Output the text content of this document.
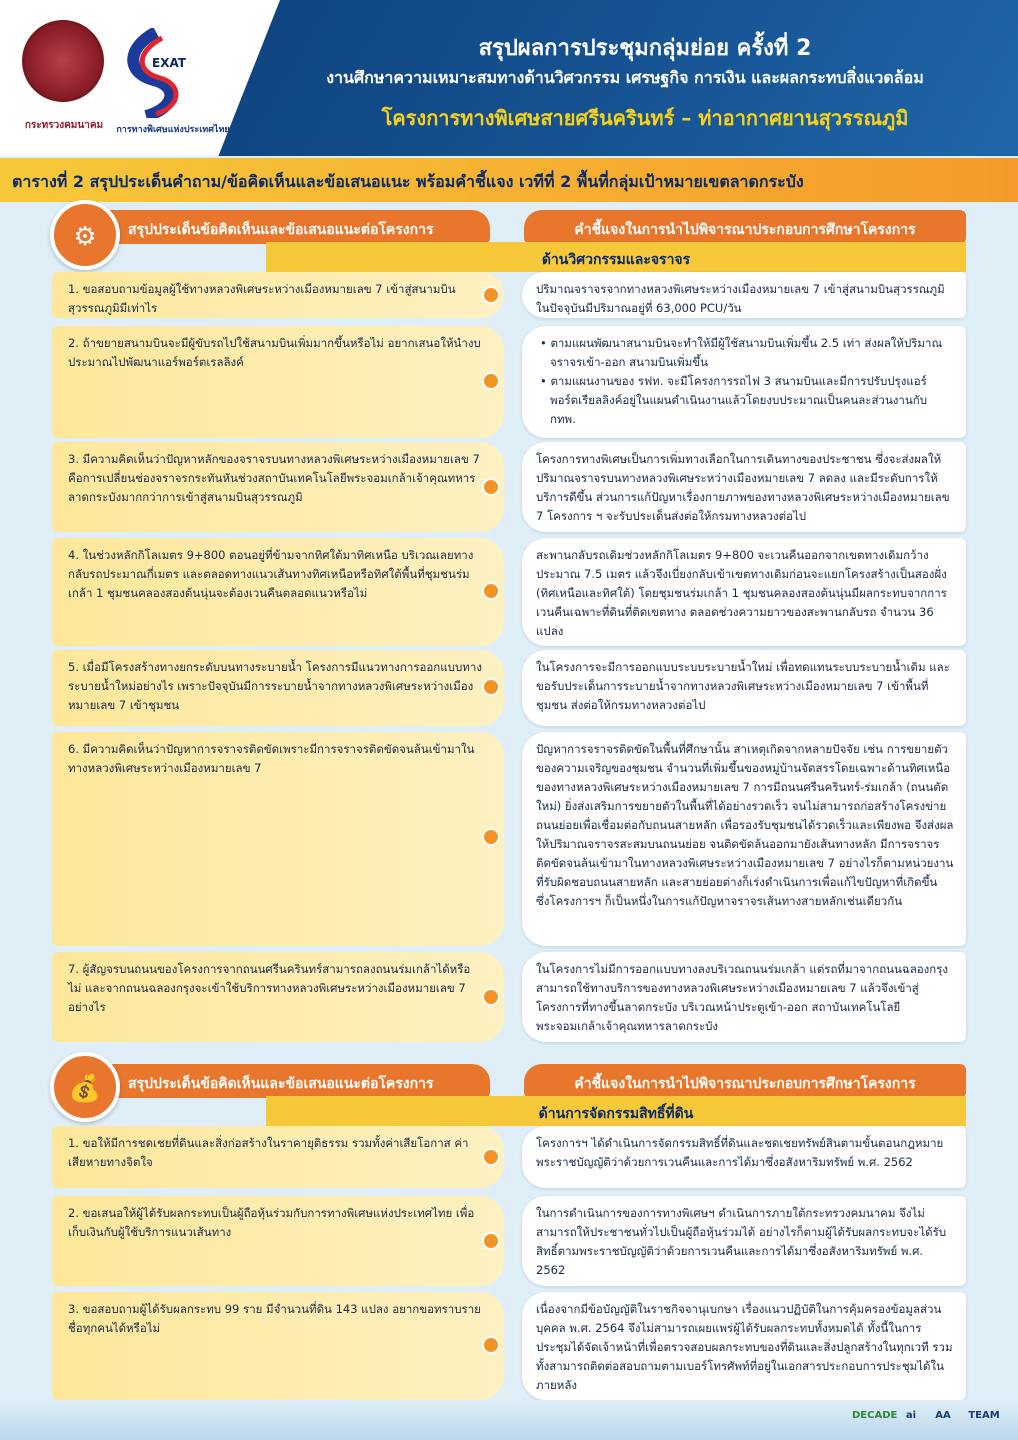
กระทรวงคมนาคม
EXAT
การทางพิเศษแห่งประเทศไทย
สรุปผลการประชุมกลุ่มย่อย ครั้งที่ 2
งานศึกษาความเหมาะสมทางด้านวิศวกรรม เศรษฐกิจ การเงิน และผลกระทบสิ่งแวดล้อม
โครงการทางพิเศษสายศรีนครินทร์ – ท่าอากาศยานสุวรรณภูมิ
ตารางที่ 2 สรุปประเด็นคำถาม/ข้อคิดเห็นและข้อเสนอแนะ พร้อมคำชี้แจง เวทีที่ 2 พื้นที่กลุ่มเป้าหมายเขตลาดกระบัง
สรุปประเด็นข้อคิดเห็นและข้อเสนอแนะต่อโครงการ	คำชี้แจงในการนำไปพิจารณาประกอบการศึกษาโครงการ
⚙
ด้านวิศวกรรมและจราจร
1. ขอสอบถามข้อมูลผู้ใช้ทางหลวงพิเศษระหว่างเมืองหมายเลข 7 เข้าสู่สนามบินสุวรรณภูมิมีเท่าไร
ปริมาณจราจรจากทางหลวงพิเศษระหว่างเมืองหมายเลข 7 เข้าสู่สนามบินสุวรรณภูมิ ในปัจจุบันมีปริมาณอยู่ที่ 63,000 PCU/วัน
2. ถ้าขยายสนามบินจะมีผู้ขับรถไปใช้สนามบินเพิ่มมากขึ้นหรือไม่ อยากเสนอให้นำงบประมาณไปพัฒนาแอร์พอร์ตเรลลิงค์
• ตามแผนพัฒนาสนามบินจะทำให้มีผู้ใช้สนามบินเพิ่มขึ้น 2.5 เท่า ส่งผลให้ปริมาณจราจรเข้า-ออก สนามบินเพิ่มขึ้น
• ตามแผนงานของ รฟท. จะมีโครงการรถไฟ 3 สนามบินและมีการปรับปรุงแอร์พอร์ตเรียลลิงค์อยู่ในแผนดำเนินงานแล้วโดยงบประมาณเป็นคนละส่วนงานกับ กทพ.
3. มีความคิดเห็นว่าปัญหาหลักของจราจรบนทางหลวงพิเศษระหว่างเมืองหมายเลข 7 คือการเปลี่ยนช่องจราจรกระทันหันช่วงสถาบันเทคโนโลยีพระจอมเกล้าเจ้าคุณทหารลาดกระบังมากกว่าการเข้าสู่สนามบินสุวรรณภูมิ
โครงการทางพิเศษเป็นการเพิ่มทางเลือกในการเดินทางของประชาชน ซึ่งจะส่งผลให้ปริมาณจราจรบนทางหลวงพิเศษระหว่างเมืองหมายเลข 7 ลดลง และมีระดับการให้บริการดีขึ้น ส่วนการแก้ปัญหาเรื่องกายภาพของทางหลวงพิเศษระหว่างเมืองหมายเลข 7 โครงการ ฯ จะรับประเด็นส่งต่อให้กรมทางหลวงต่อไป
4. ในช่วงหลักกิโลเมตร 9+800 ตอนอยู่ที่ข้ามจากทิศใต้มาทิศเหนือ บริเวณเลยทางกลับรถประมาณกี่เมตร และตลอดทางแนวเส้นทางทิศเหนือหรือทิศใต้พื้นที่ชุมชนร่มเกล้า 1 ชุมชนคลองสองต้นนุ่นจะต้องเวนคืนตลอดแนวหรือไม่
สะพานกลับรถเดิมช่วงหลักกิโลเมตร 9+800 จะเวนคืนออกจากเขตทางเดิมกว้างประมาณ 7.5 เมตร แล้วจึงเบี่ยงกลับเข้าเขตทางเดิมก่อนจะแยกโครงสร้างเป็นสองฝั่ง (ทิศเหนือและทิศใต้) โดยชุมชนร่มเกล้า 1 ชุมชนคลองสองต้นนุ่นมีผลกระทบจากการเวนคืนเฉพาะที่ดินที่ติดเขตทาง ตลอดช่วงความยาวของสะพานกลับรถ จำนวน 36 แปลง
5. เมื่อมีโครงสร้างทางยกระดับบนทางระบายน้ำ โครงการมีแนวทางการออกแบบทางระบายน้ำใหม่อย่างไร เพราะปัจจุบันมีการระบายน้ำจากทางหลวงพิเศษระหว่างเมืองหมายเลข 7 เข้าชุมชน
ในโครงการจะมีการออกแบบระบบระบายน้ำใหม่ เพื่อทดแทนระบบระบายน้ำเดิม และขอรับประเด็นการระบายน้ำจากทางหลวงพิเศษระหว่างเมืองหมายเลข 7 เข้าพื้นที่ชุมชน ส่งต่อให้กรมทางหลวงต่อไป
6. มีความคิดเห็นว่าปัญหาการจราจรติดขัดเพราะมีการจราจรติดขัดจนล้นเข้ามาในทางหลวงพิเศษระหว่างเมืองหมายเลข 7
ปัญหาการจราจรติดขัดในพื้นที่ศึกษานั้น สาเหตุเกิดจากหลายปัจจัย เช่น การขยายตัวของความเจริญของชุมชน จำนวนที่เพิ่มขึ้นของหมู่บ้านจัดสรรโดยเฉพาะด้านทิศเหนือของทางหลวงพิเศษระหว่างเมืองหมายเลข 7 การมีถนนศรีนครินทร์-ร่มเกล้า (ถนนตัดใหม่) ยิ่งส่งเสริมการขยายตัวในพื้นที่ได้อย่างรวดเร็ว จนไม่สามารถก่อสร้างโครงข่ายถนนย่อยเพื่อเชื่อมต่อกับถนนสายหลัก เพื่อรองรับชุมชนได้รวดเร็วและเพียงพอ จึงส่งผลให้ปริมาณจราจรสะสมบนถนนย่อย จนติดขัดล้นออกมายังเส้นทางหลัก มีการจราจรติดขัดจนล้นเข้ามาในทางหลวงพิเศษระหว่างเมืองหมายเลข 7 อย่างไรก็ตามหน่วยงานที่รับผิดชอบถนนสายหลัก และสายย่อยต่างก็เร่งดำเนินการเพื่อแก้ไขปัญหาที่เกิดขึ้น ซึ่งโครงการฯ ก็เป็นหนึ่งในการแก้ปัญหาจราจรเส้นทางสายหลักเช่นเดียวกัน
7. ผู้สัญจรบนถนนของโครงการจากถนนศรีนครินทร์สามารถลงถนนร่มเกล้าได้หรือไม่ และจากถนนฉลองกรุงจะเข้าใช้บริการทางหลวงพิเศษระหว่างเมืองหมายเลข 7 อย่างไร
ในโครงการไม่มีการออกแบบทางลงบริเวณถนนร่มเกล้า แต่รถที่มาจากถนนฉลองกรุง สามารถใช้ทางบริการของทางหลวงพิเศษระหว่างเมืองหมายเลข 7 แล้วจึงเข้าสู่โครงการที่ทางขึ้นลาดกระบัง บริเวณหน้าประตูเข้า-ออก สถาบันเทคโนโลยีพระจอมเกล้าเจ้าคุณทหารลาดกระบัง
สรุปประเด็นข้อคิดเห็นและข้อเสนอแนะต่อโครงการ	คำชี้แจงในการนำไปพิจารณาประกอบการศึกษาโครงการ
💰
ด้านการจัดกรรมสิทธิ์ที่ดิน
1. ขอให้มีการชดเชยที่ดินและสิ่งก่อสร้างในราคายุติธรรม รวมทั้งค่าเสียโอกาส ค่าเสียหายทางจิตใจ
โครงการฯ ได้ดำเนินการจัดกรรมสิทธิ์ที่ดินและชดเชยทรัพย์สินตามขั้นตอนกฎหมาย พระราชบัญญัติว่าด้วยการเวนคืนและการได้มาซึ่งอสังหาริมทรัพย์ พ.ศ. 2562
2. ขอเสนอให้ผู้ได้รับผลกระทบเป็นผู้ถือหุ้นร่วมกับการทางพิเศษแห่งประเทศไทย เพื่อเก็บเงินกับผู้ใช้บริการแนวเส้นทาง
ในการดำเนินการของการทางพิเศษฯ ดำเนินการภายใต้กระทรวงคมนาคม จึงไม่สามารถให้ประชาชนทั่วไปเป็นผู้ถือหุ้นร่วมได้ อย่างไรก็ตามผู้ได้รับผลกระทบจะได้รับสิทธิ์ตามพระราชบัญญัติว่าด้วยการเวนคืนและการได้มาซึ่งอสังหาริมทรัพย์ พ.ศ. 2562
3. ขอสอบถามผู้ได้รับผลกระทบ 99 ราย มีจำนวนที่ดิน 143 แปลง อยากขอทราบรายชื่อทุกคนได้หรือไม่
เนื่องจากมีข้อบัญญัติในราชกิจจานุเบกษา เรื่องแนวปฏิบัติในการคุ้มครองข้อมูลส่วนบุคคล พ.ศ. 2564 จึงไม่สามารถเผยแพร่ผู้ได้รับผลกระทบทั้งหมดได้ ทั้งนี้ในการประชุมได้จัดเจ้าหน้าที่เพื่อตรวจสอบผลกระทบของที่ดินและสิ่งปลูกสร้างในทุกเวที รวมทั้งสามารถติดต่อสอบถามตามเบอร์โทรศัพท์ที่อยู่ในเอกสารประกอบการประชุมได้ในภายหลัง
DECADE ai	AA	TEAM
